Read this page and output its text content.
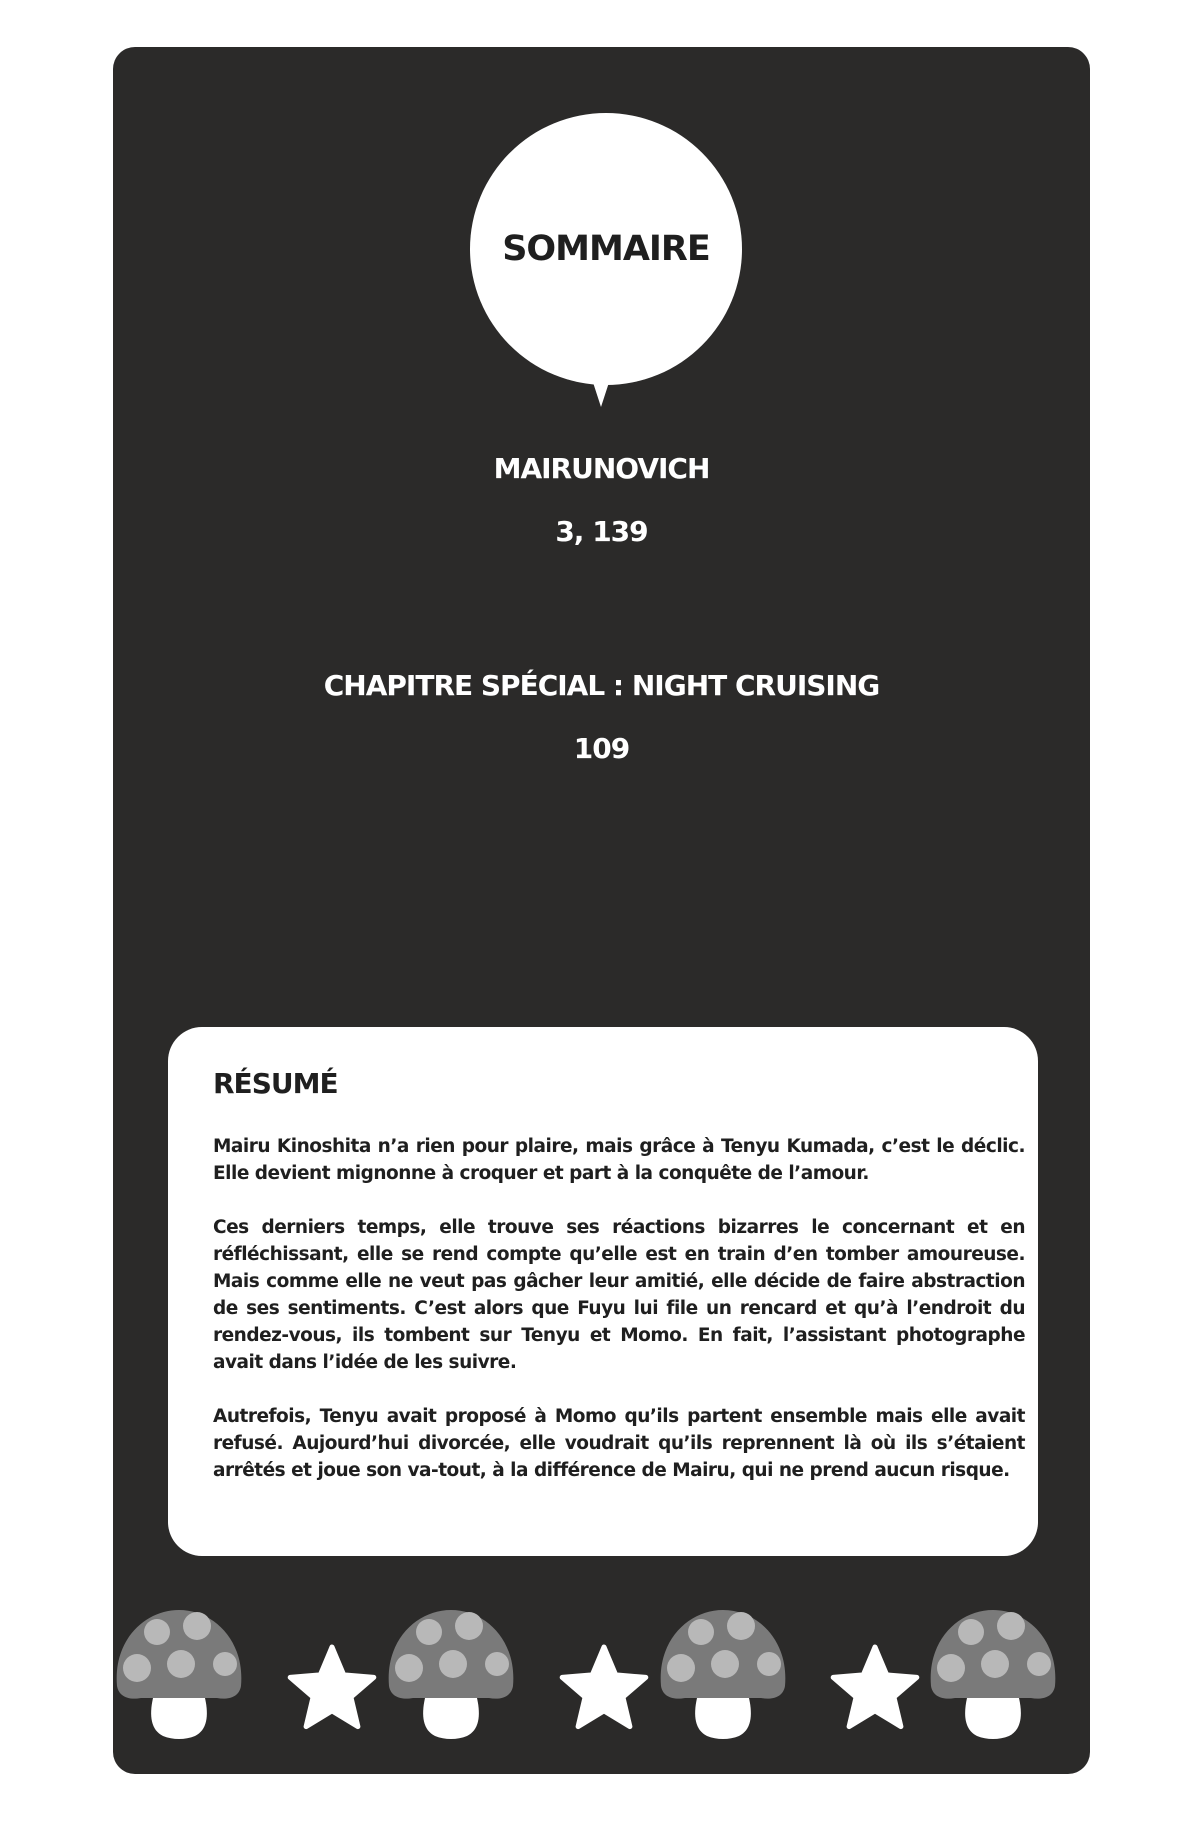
SOMMAIRE
MAIRUNOVICH
3, 139
CHAPITRE SPÉCIAL : NIGHT CRUISING
109
RÉSUMÉ

Mairu Kinoshita n’a rien pour plaire, mais grâce à Tenyu Kumada, c’est le déclic. Elle devient mignonne à croquer et part à la conquête de l’amour.

Ces derniers temps, elle trouve ses réactions bizarres le concernant et en réfléchissant, elle se rend compte qu’elle est en train d’en tomber amoureuse. Mais comme elle ne veut pas gâcher leur amitié, elle décide de faire abstraction de ses sentiments. C’est alors que Fuyu lui file un rencard et qu’à l’endroit du rendez-vous, ils tombent sur Tenyu et Momo. En fait, l’assistant photographe avait dans l’idée de les suivre.

Autrefois, Tenyu avait proposé à Momo qu’ils partent ensemble mais elle avait refusé. Aujourd’hui divorcée, elle voudrait qu’ils reprennent là où ils s’étaient arrêtés et joue son va-tout, à la différence de Mairu, qui ne prend aucun risque.
